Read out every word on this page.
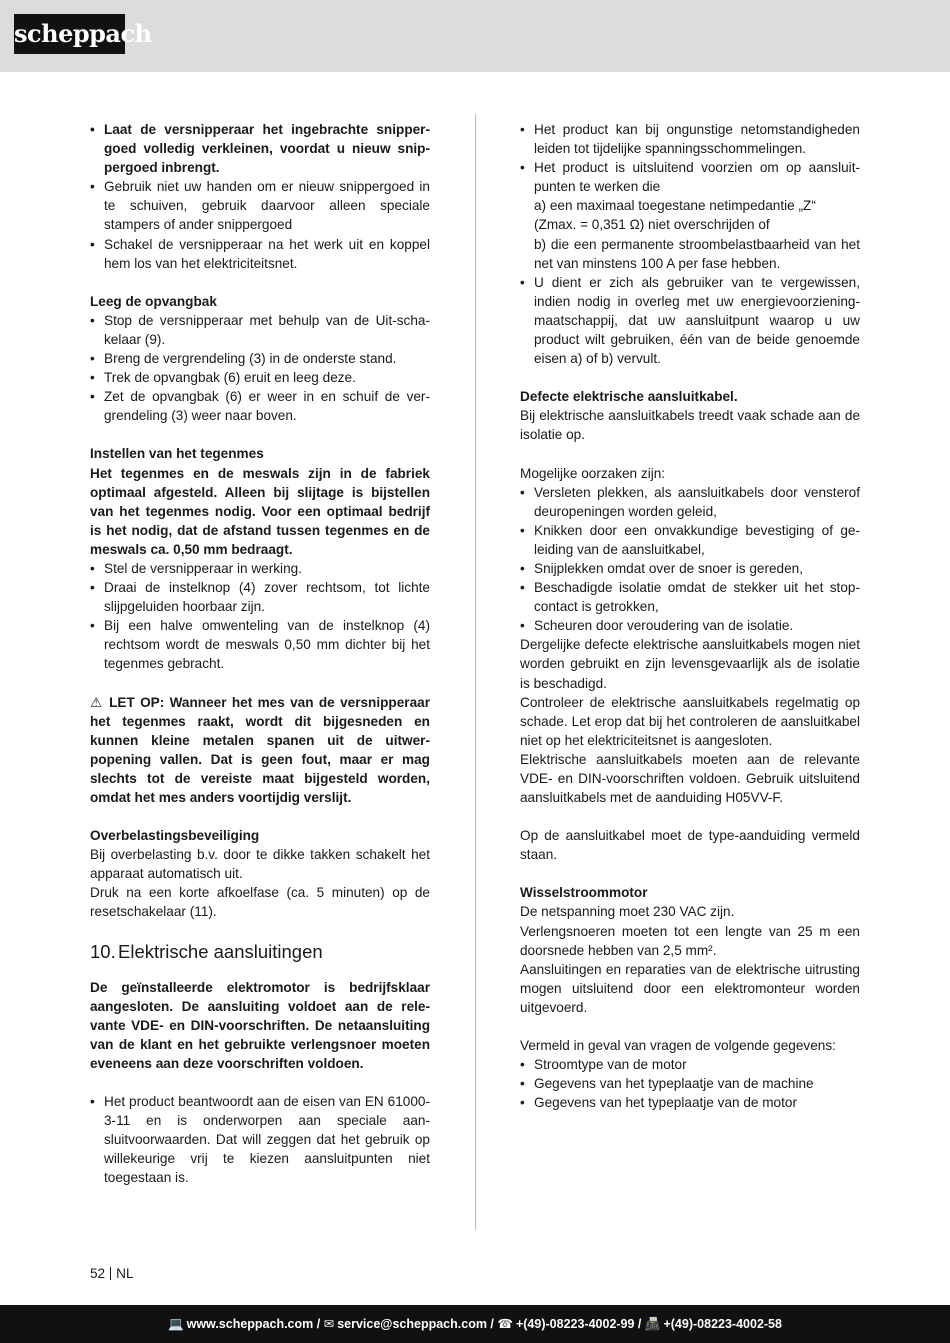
scheppach
• Laat de versnipperaar het ingebrachte snippergoed volledig verkleinen, voordat u nieuw snippergoed inbrengt.
• Gebruik niet uw handen om er nieuw snippergoed in te schuiven, gebruik daarvoor alleen speciale stampers of ander snippergoed
• Schakel de versnipperaar na het werk uit en koppel hem los van het elektriciteitsnet.

Leeg de opvangbak

• Stop de versnipperaar met behulp van de Uit-schakelaar (9).
• Breng de vergrendeling (3) in de onderste stand.
• Trek de opvangbak (6) eruit en leeg deze.
• Zet de opvangbak (6) er weer in en schuif de vergrendeling (3) weer naar boven.

Instellen van het tegenmes

Het tegenmes en de meswals zijn in de fabriek optimaal afgesteld. Alleen bij slijtage is bijstellen van het tegenmes nodig. Voor een optimaal bedrijf is het nodig, dat de afstand tussen tegenmes en de meswals ca. 0,50 mm bedraagt.

• Stel de versnipperaar in werking.
• Draai de instelknop (4) zover rechtsom, tot lichte slijpgeluiden hoorbaar zijn.
• Bij een halve omwenteling van de instelknop (4) rechtsom wordt de meswals 0,50 mm dichter bij het tegenmes gebracht.

⚠ LET OP: Wanneer het mes van de versnipperaar het tegenmes raakt, wordt dit bijgesneden en kunnen kleine metalen spanen uit de uitwerpopening vallen. Dat is geen fout, maar er mag slechts tot de vereiste maat bijgesteld worden, omdat het mes anders voortijdig verslijt.

Overbelastingsbeveiliging

Bij overbelasting b.v. door te dikke takken schakelt het apparaat automatisch uit.

Druk na een korte afkoelfase (ca. 5 minuten) op de resetschakelaar (11).

10. Elektrische aansluitingen

De geïnstalleerde elektromotor is bedrijfsklaar aangesloten. De aansluiting voldoet aan de relevante VDE- en DIN-voorschriften. De netaansluiting van de klant en het gebruikte verlengsnoer moeten eveneens aan deze voorschriften voldoen.

• Het product beantwoordt aan de eisen van EN 61000-3-11 en is onderworpen aan speciale aansluitvoorwaarden. Dat will zeggen dat het gebruik op willekeurige vrij te kiezen aansluitpunten niet toegestaan is.
• Het product kan bij ongunstige netomstandigheden leiden tot tijdelijke spanningsschommelingen.
• Het product is uitsluitend voorzien om op aansluitpunten te werken die
a) een maximaal toegestane netimpedantie „Z“
(Zmax. = 0,351 Ω) niet overschrijden of
b) die een permanente stroombelastbaarheid van het net van minstens 100 A per fase hebben.
• U dient er zich als gebruiker van te vergewissen, indien nodig in overleg met uw energievoorzieningmaatschappij, dat uw aansluitpunt waarop u uw product wilt gebruiken, één van de beide genoemde eisen a) of b) vervult.

Defecte elektrische aansluitkabel.

Bij elektrische aansluitkabels treedt vaak schade aan de isolatie op.

Mogelijke oorzaken zijn:

• Versleten plekken, als aansluitkabels door vensterof deuropeningen worden geleid,
• Knikken door een onvakkundige bevestiging of geleiding van de aansluitkabel,
• Snijplekken omdat over de snoer is gereden,
• Beschadigde isolatie omdat de stekker uit het stopcontact is getrokken,
• Scheuren door veroudering van de isolatie.

Dergelijke defecte elektrische aansluitkabels mogen niet worden gebruikt en zijn levensgevaarlijk als de isolatie is beschadigd.

Controleer de elektrische aansluitkabels regelmatig op schade. Let erop dat bij het controleren de aansluitkabel niet op het elektriciteitsnet is aangesloten.

Elektrische aansluitkabels moeten aan de relevante VDE- en DIN-voorschriften voldoen. Gebruik uitsluitend aansluitkabels met de aanduiding H05VV-F.

Op de aansluitkabel moet de type-aanduiding vermeld staan.

Wisselstroommotor

De netspanning moet 230 VAC zijn.

Verlengsnoeren moeten tot een lengte van 25 m een doorsnede hebben van 2,5 mm².

Aansluitingen en reparaties van de elektrische uitrusting mogen uitsluitend door een elektromonteur worden uitgevoerd.

Vermeld in geval van vragen de volgende gegevens:

• Stroomtype van de motor
• Gegevens van het typeplaatje van de machine
• Gegevens van het typeplaatje van de motor
52 NL
💻 www.scheppach.com / ✉ service@scheppach.com / ☎ +(49)-08223-4002-99 / 📠 +(49)-08223-4002-58
